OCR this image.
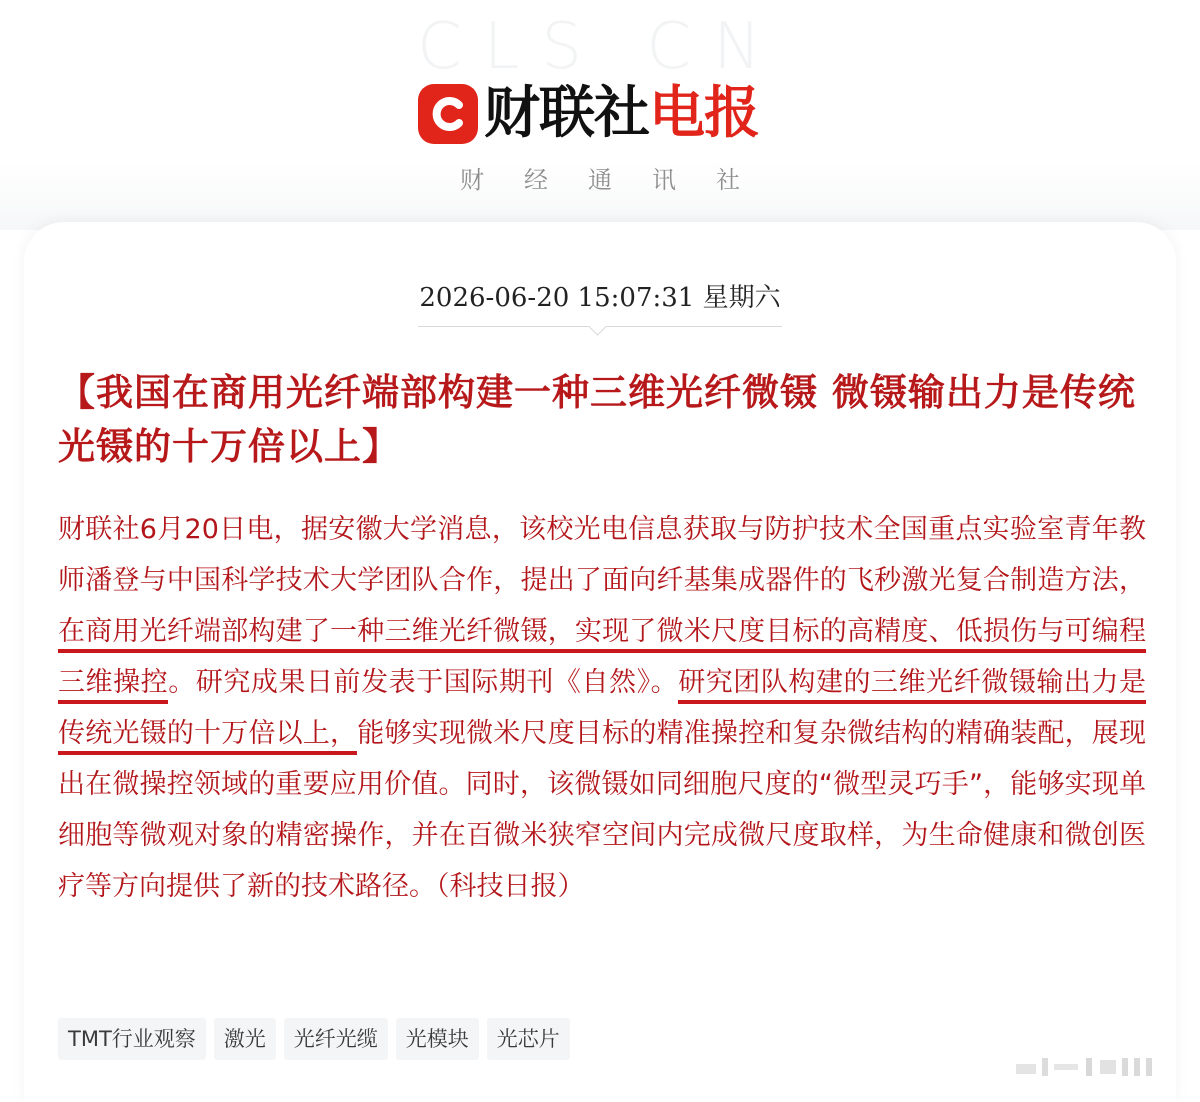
CLS CN
财联社电报
财经通讯社
2026-06-20 15:07:31 星期六
【我国在商用光纤端部构建一种三维光纤微镊 微镊输出力是传统光镊的十万倍以上】
财联社6月20日电，据安徽大学消息，该校光电信息获取与防护技术全国重点实验室青年教师潘登与中国科学技术大学团队合作，提出了面向纤基集成器件的飞秒激光复合制造方法，在商用光纤端部构建了一种三维光纤微镊，实现了微米尺度目标的高精度、低损伤与可编程三维操控。研究成果日前发表于国际期刊《自然》。研究团队构建的三维光纤微镊输出力是传统光镊的十万倍以上，能够实现微米尺度目标的精准操控和复杂微结构的精确装配，展现出在微操控领域的重要应用价值。同时，该微镊如同细胞尺度的“微型灵巧手”，能够实现单细胞等微观对象的精密操作，并在百微米狭窄空间内完成微尺度取样，为生命健康和微创医疗等方向提供了新的技术路径。（科技日报）
TMT行业观察	激光	光纤光缆	光模块	光芯片
